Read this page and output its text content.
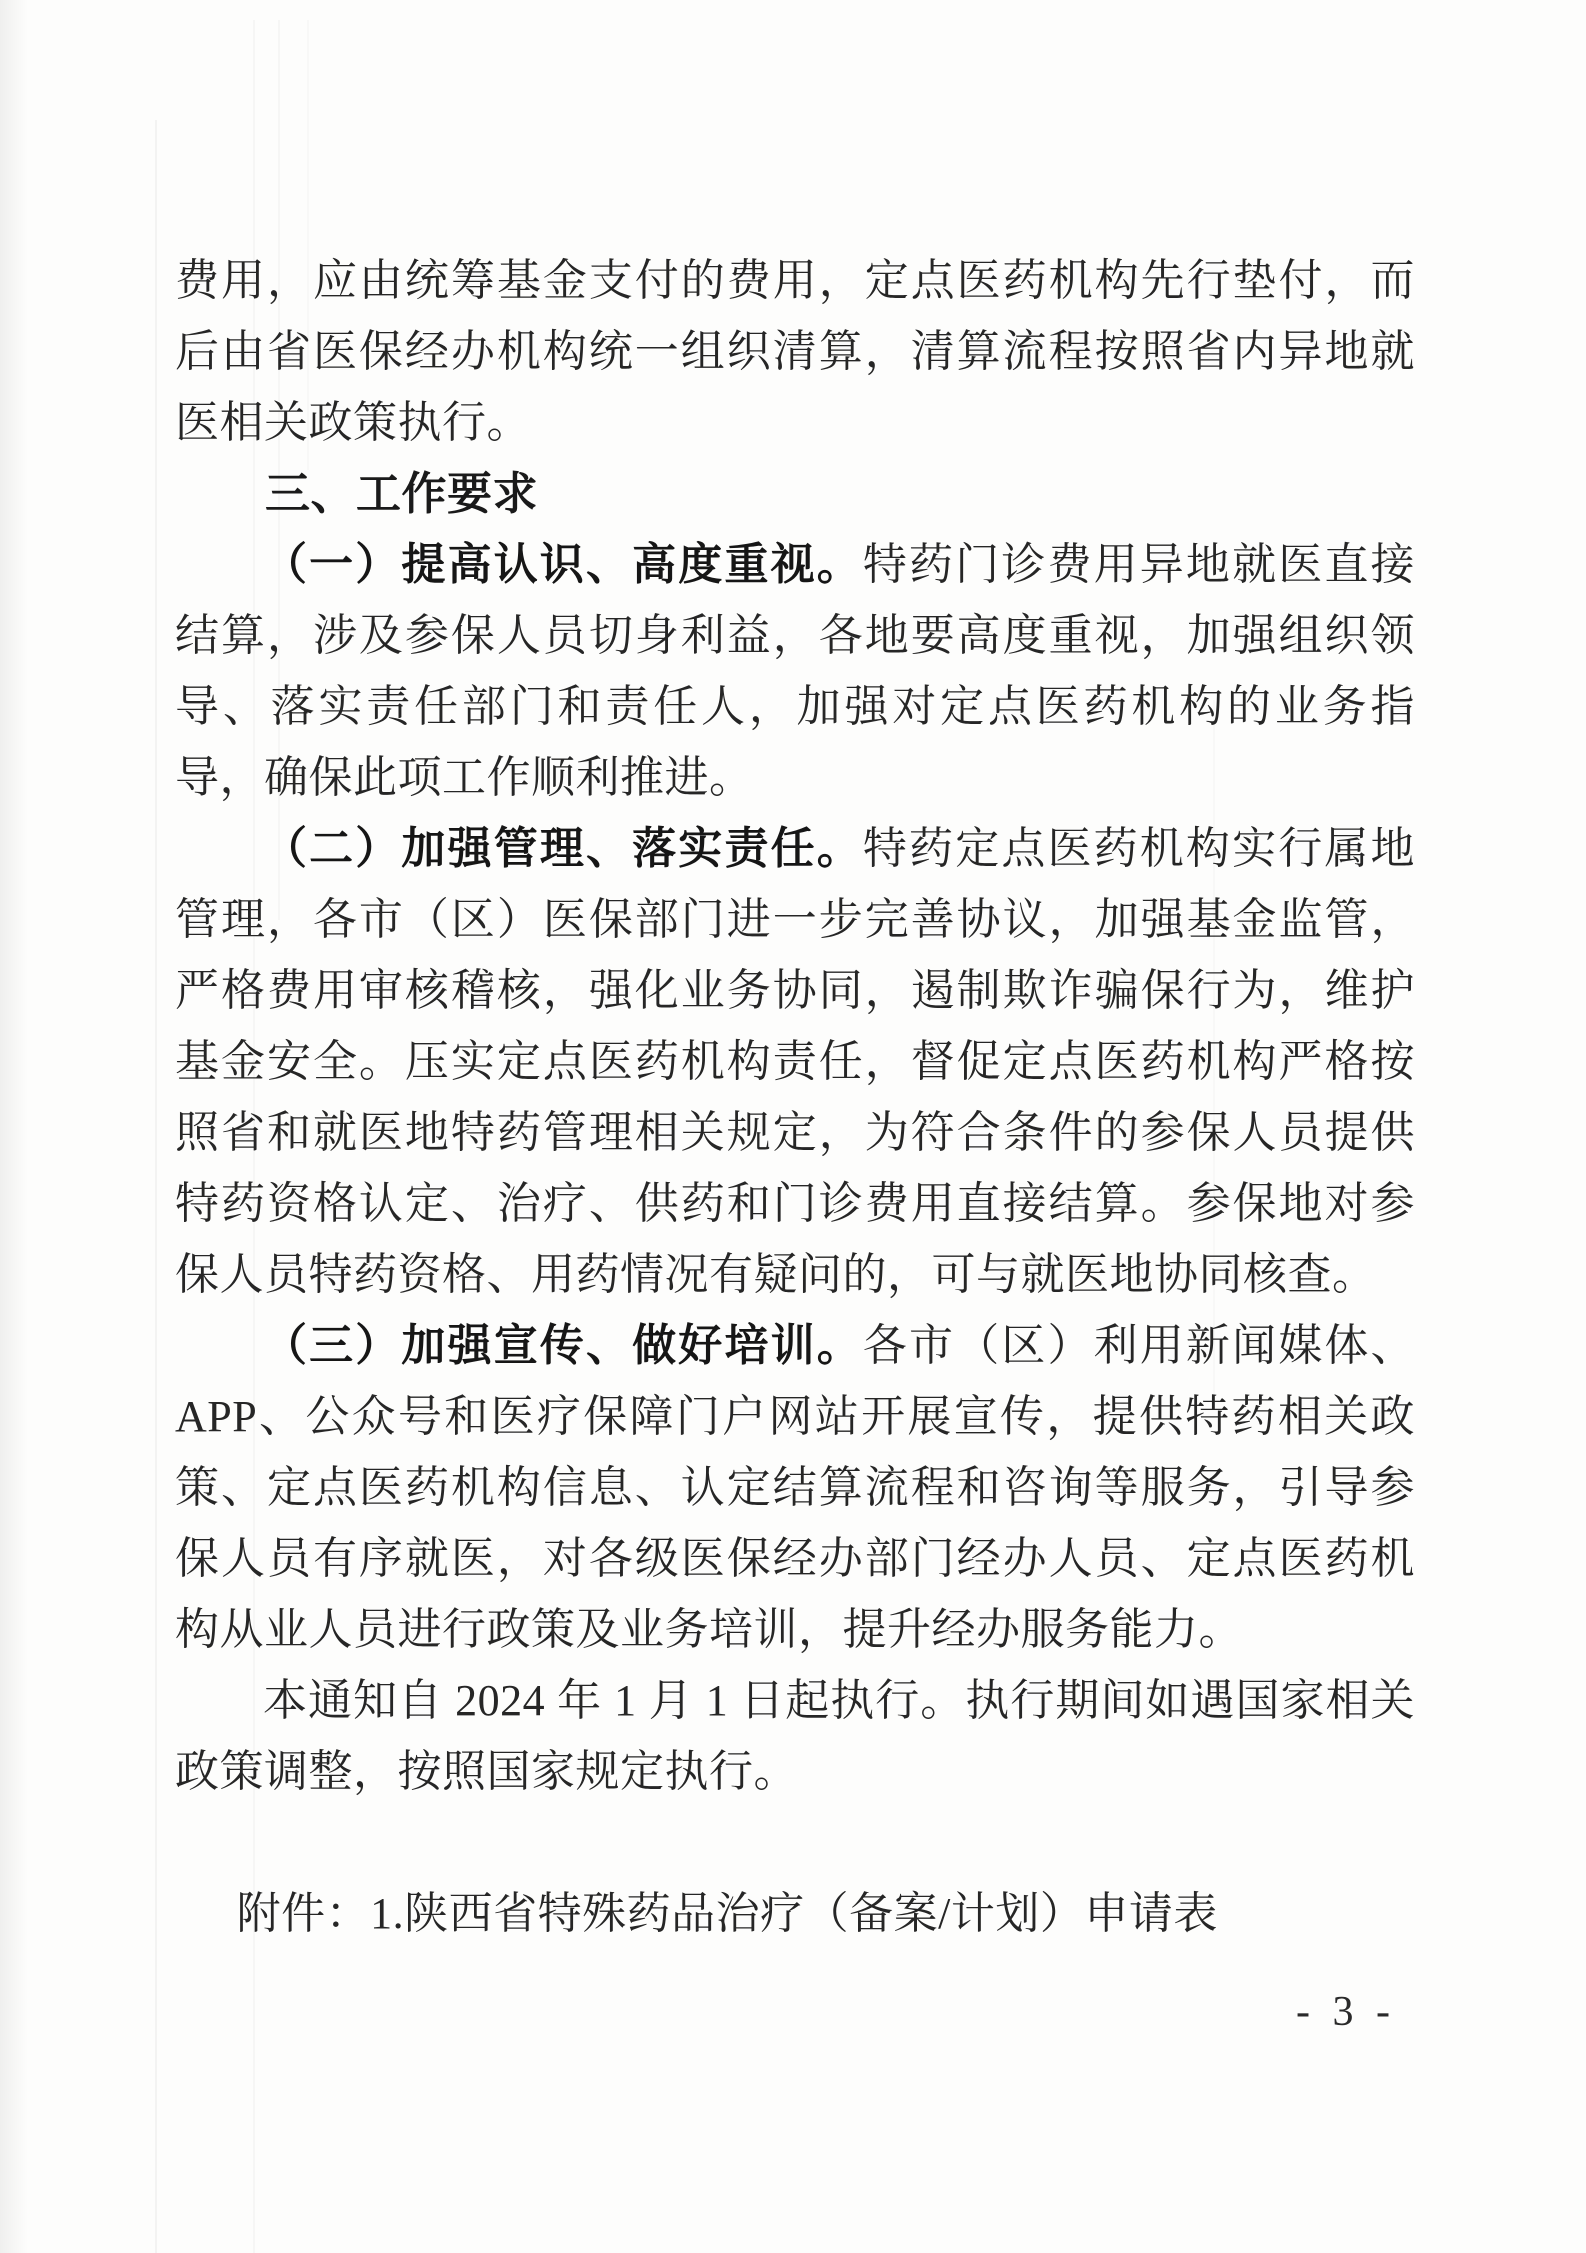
费用，应由统筹基金支付的费用，定点医药机构先行垫付，而后由省医保经办机构统一组织清算，清算流程按照省内异地就医相关政策执行。

三、工作要求

（一）提高认识、高度重视。特药门诊费用异地就医直接结算，涉及参保人员切身利益，各地要高度重视，加强组织领导、落实责任部门和责任人，加强对定点医药机构的业务指导，确保此项工作顺利推进。

（二）加强管理、落实责任。特药定点医药机构实行属地管理，各市（区）医保部门进一步完善协议，加强基金监管，严格费用审核稽核，强化业务协同，遏制欺诈骗保行为，维护基金安全。压实定点医药机构责任，督促定点医药机构严格按照省和就医地特药管理相关规定，为符合条件的参保人员提供特药资格认定、治疗、供药和门诊费用直接结算。参保地对参保人员特药资格、用药情况有疑问的，可与就医地协同核查。

（三）加强宣传、做好培训。各市（区）利用新闻媒体、APP、公众号和医疗保障门户网站开展宣传，提供特药相关政策、定点医药机构信息、认定结算流程和咨询等服务，引导参保人员有序就医，对各级医保经办部门经办人员、定点医药机构从业人员进行政策及业务培训，提升经办服务能力。

本通知自 2024 年 1 月 1 日起执行。执行期间如遇国家相关政策调整，按照国家规定执行。

附件：1.陕西省特殊药品治疗（备案/计划）申请表

- 3 -
